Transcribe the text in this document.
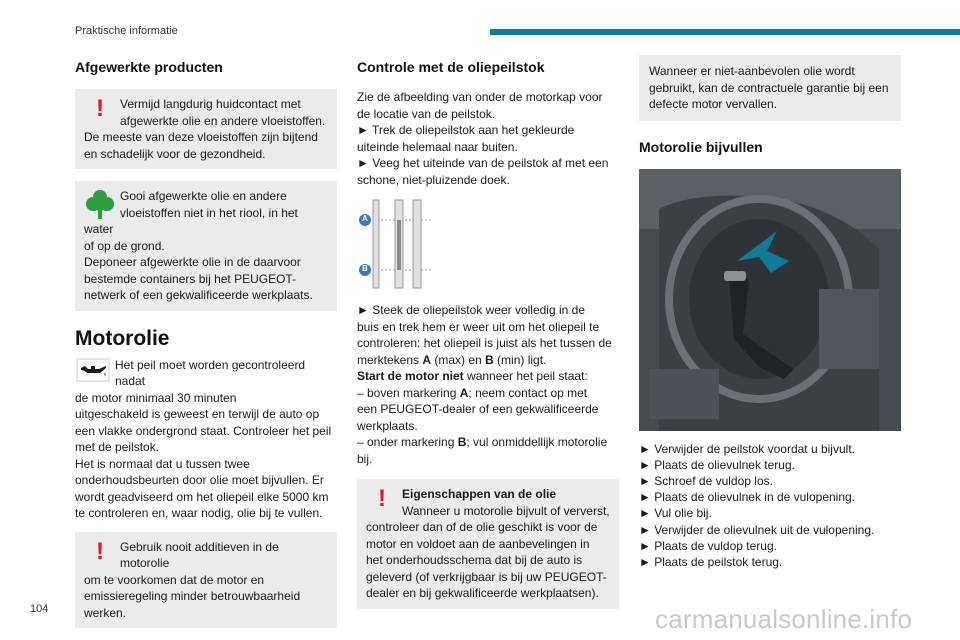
Praktische informatie
Afgewerkte producten
!	Vermijd langdurig huidcontact met
afgewerkte olie en andere vloeistoffen.
De meeste van deze vloeistoffen zijn bijtend
en schadelijk voor de gezondheid.
Gooi afgewerkte olie en andere
vloeistoffen niet in het riool, in het water
of op de grond.
Deponeer afgewerkte olie in de daarvoor
bestemde containers bij het PEUGEOT-
netwerk of een gekwalificeerde werkplaats.
Motorolie

Het peil moet worden gecontroleerd nadat

de motor minimaal 30 minuten

uitgeschakeld is geweest en terwijl de auto op

een vlakke ondergrond staat. Controleer het peil

met de peilstok.

Het is normaal dat u tussen twee

onderhoudsbeurten door olie moet bijvullen. Er

wordt geadviseerd om het oliepeil elke 5000 km

te controleren en, waar nodig, olie bij te vullen.

!	Gebruik nooit additieven in de motorolie
om te voorkomen dat de motor en
emissieregeling minder betrouwbaarheid
werken.
Controle met de oliepeilstok

Zie de afbeelding van onder de motorkap voor

de locatie van de peilstok.

► Trek de oliepeilstok aan het gekleurde

uiteinde helemaal naar buiten.

► Veeg het uiteinde van de peilstok af met een

schone, niet-pluizende doek.

A
B

► Steek de oliepeilstok weer volledig in de

buis en trek hem er weer uit om het oliepeil te

controleren: het oliepeil is juist als het tussen de

merktekens A (max) en B (min) ligt.

Start de motor niet wanneer het peil staat:

– boven markering A; neem contact op met

een PEUGEOT-dealer of een gekwalificeerde

werkplaats.

– onder markering B; vul onmiddellijk motorolie

bij.

!	Eigenschappen van de olie
Wanneer u motorolie bijvult of ververst,
controleer dan of de olie geschikt is voor de
motor en voldoet aan de aanbevelingen in
het onderhoudsschema dat bij de auto is
geleverd (of verkrijgbaar is bij uw PEUGEOT-
dealer en bij gekwalificeerde werkplaatsen).
Wanneer er niet-aanbevolen olie wordt
gebruikt, kan de contractuele garantie bij een
defecte motor vervallen.
Motorolie bijvullen
► Verwijder de peilstok voordat u bijvult.
► Plaats de olievulnek terug.
► Schroef de vuldop los.
► Plaats de olievulnek in de vulopening.
► Vul olie bij.
► Verwijder de olievulnek uit de vulopening.
► Plaats de vuldop terug.
► Plaats de peilstok terug.
104	carmanualsonline.info
